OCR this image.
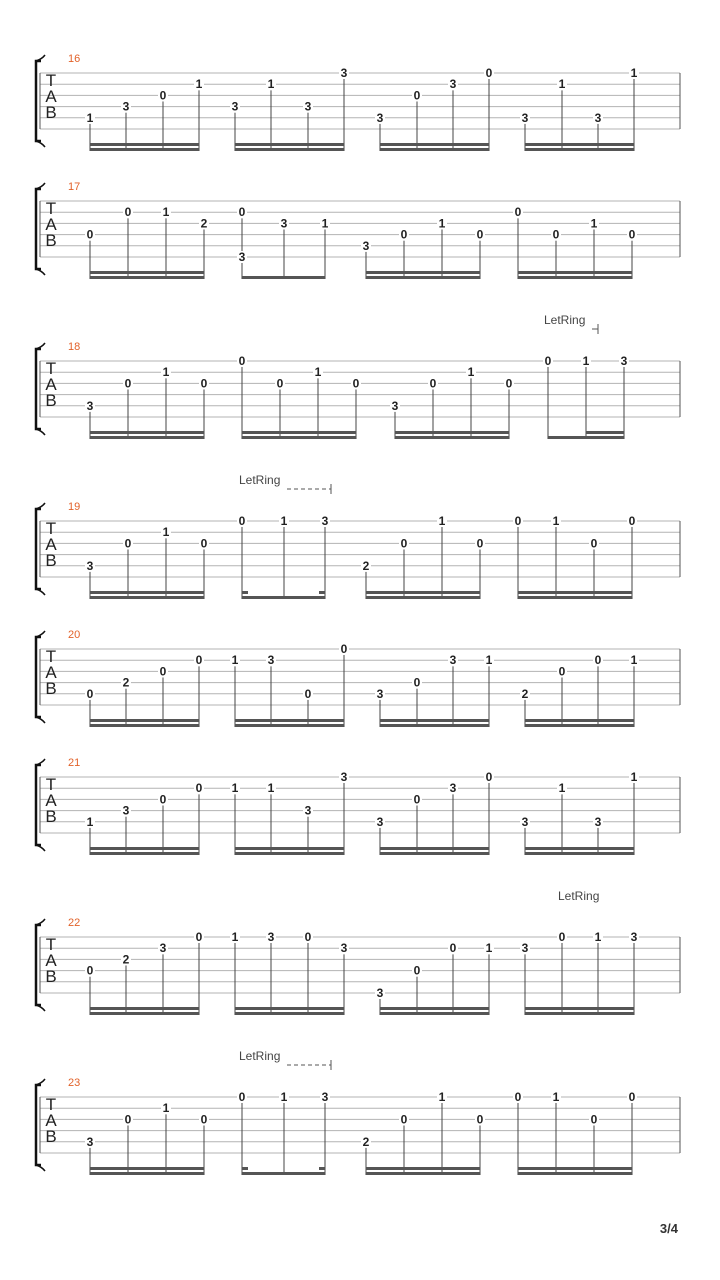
T
A
B
16
1
3
0
1
3
1
3
3
3
0
3
0
3
1
3
1
T
A
B
17
0
0	1
2
0
3
3	1
3
0
1
0
0
0
1
0
T
A
B
18
LetRing
3
0
1
0
0
0
1
0
3
0
1
0
0	1	3
T
A
B
19
LetRing
3
0
1
0
0	1	3
2
0
1
0
0	1
0
0
T
A
B
20
0
2
0
0 1 3
0
0
3
0
3 1
2
0
0 1
T
A
B
21
1
3
0
0 1 1
3
3
3
0
3
0
3
1
3
1
T
A
B
22
LetRing
0
2
3
0 1 3	0
3
3
0
0 1 3
0 1 3
T
A
B
23
LetRing
3
0
1
0
0	1	3
2
0
1
0
0	1
0
0
3/4
